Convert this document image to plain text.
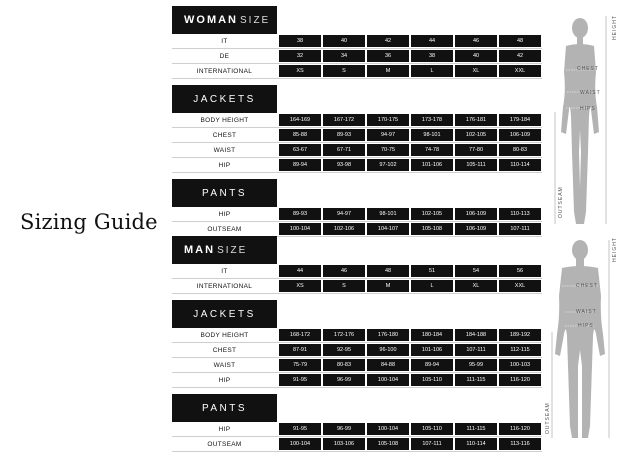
Sizing Guide
WOMAN SIZE
IT	38	40	42	44	46	48
DE	32	34	36	38	40	42
INTERNATIONAL	XS	S	M	L	XL	XXL
JACKETS
BODY HEIGHT	164-169	167-172	170-175	173-178	176-181	179-184
CHEST	85-88	89-93	94-97	98-101	102-105	106-109
WAIST	63-67	67-71	70-75	74-78	77-80	80-83
HIP	89-94	93-98	97-102	101-106	105-111	110-114
PANTS
HIP	89-93	94-97	98-101	102-105	106-109	110-113
OUTSEAM	100-104	102-106	104-107	105-108	106-109	107-111
MAN SIZE
IT	44	46	48	51	54	56
INTERNATIONAL	XS	S	M	L	XL	XXL
JACKETS
BODY HEIGHT	168-172	172-176	176-180	180-184	184-188	189-192
CHEST	87-91	92-95	96-100	101-106	107-111	112-115
WAIST	75-79	80-83	84-88	89-94	95-99	100-103
HIP	91-95	96-99	100-104	105-110	111-115	116-120
PANTS
HIP	91-95	96-99	100-104	105-110	111-115	116-120
OUTSEAM	100-104	103-106	105-108	107-111	110-114	113-116
CHEST
WAIST
HIPS
HEIGHT
OUTSEAM
CHEST
WAIST
HIPS
HEIGHT
OUTSEAM
